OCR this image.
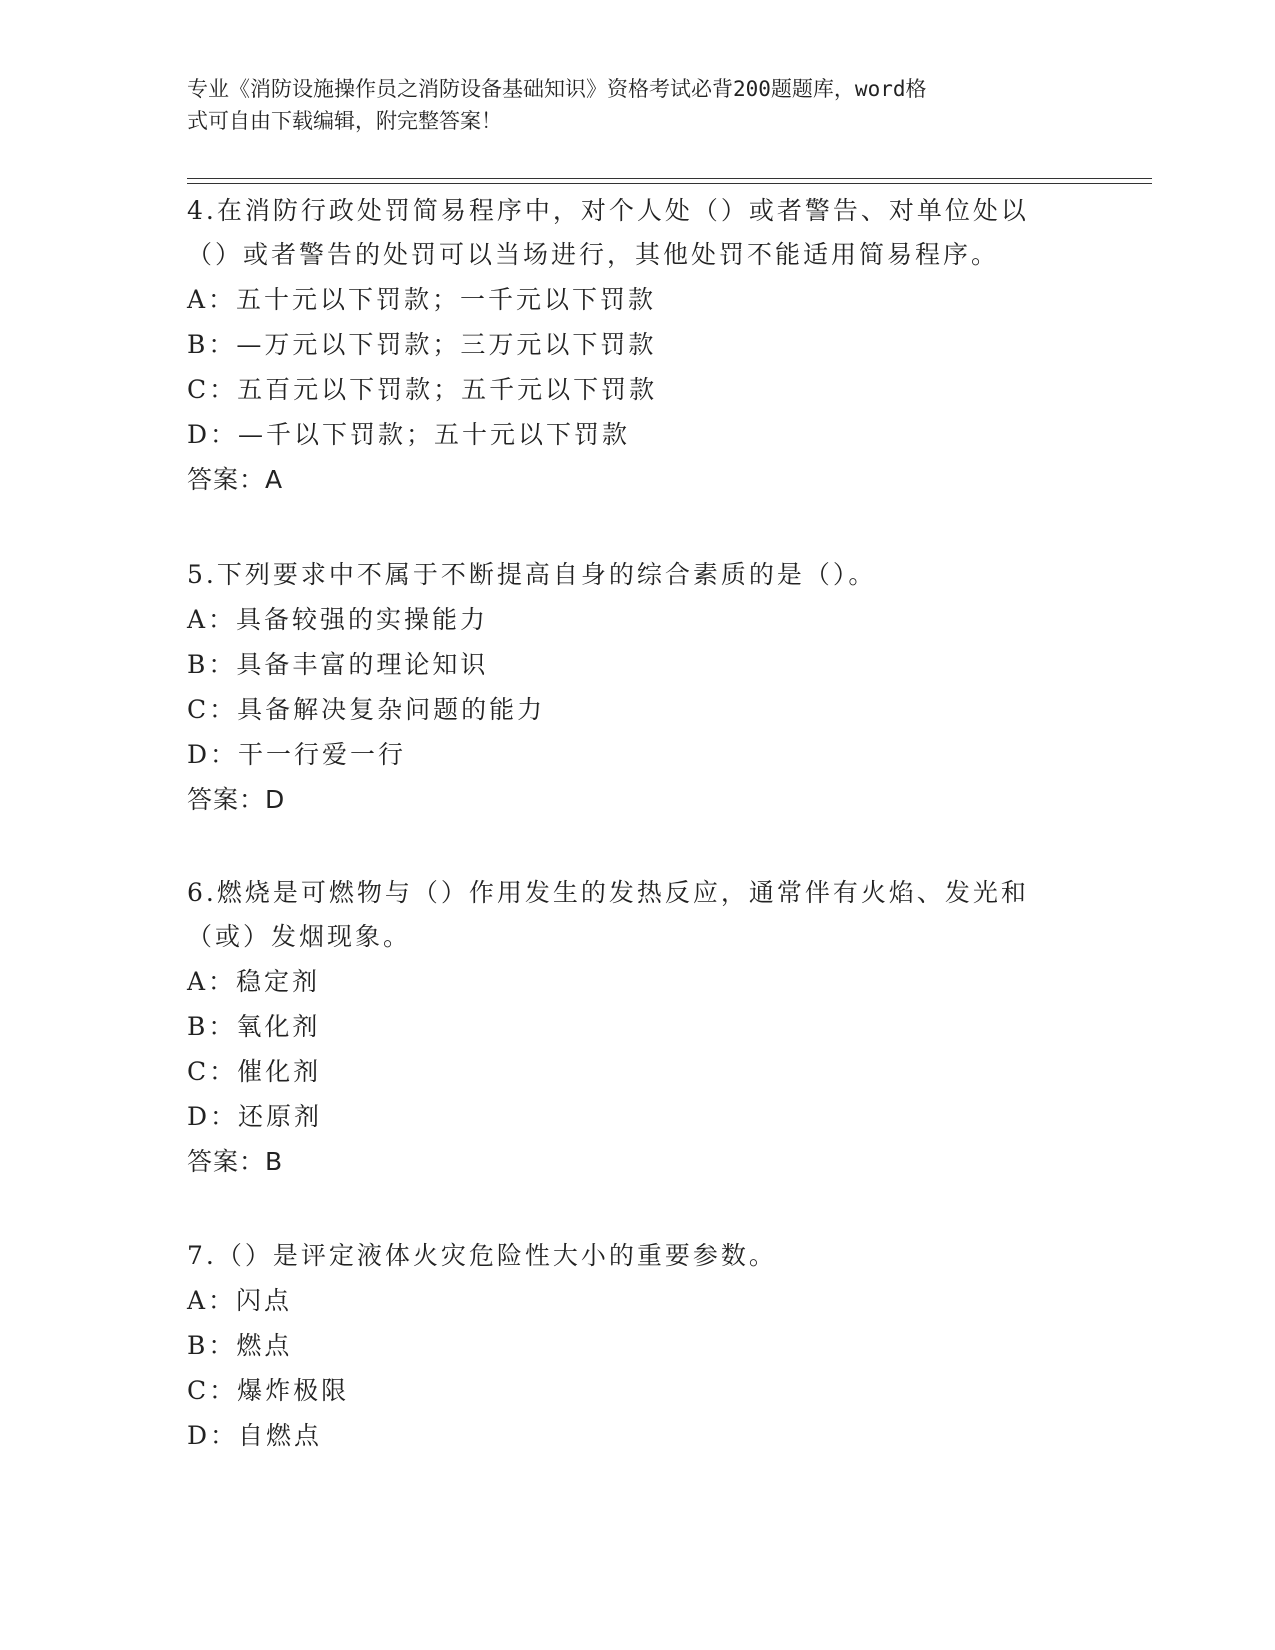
专业《消防设施操作员之消防设备基础知识》资格考试必背200题题库，word格
式可自由下载编辑，附完整答案！
4.在消防行政处罚简易程序中，对个人处（）或者警告、对单位处以
（）或者警告的处罚可以当场进行，其他处罚不能适用简易程序。
A：五十元以下罚款；一千元以下罚款
B：—万元以下罚款；三万元以下罚款
C：五百元以下罚款；五千元以下罚款
D：—千以下罚款；五十元以下罚款
答案：A
5.下列要求中不属于不断提高自身的综合素质的是（）。
A：具备较强的实操能力
B：具备丰富的理论知识
C：具备解决复杂问题的能力
D：干一行爱一行
答案：D
6.燃烧是可燃物与（）作用发生的发热反应，通常伴有火焰、发光和
（或）发烟现象。
A：稳定剂
B：氧化剂
C：催化剂
D：还原剂
答案：B
7.（）是评定液体火灾危险性大小的重要参数。
A：闪点
B：燃点
C：爆炸极限
D：自燃点
